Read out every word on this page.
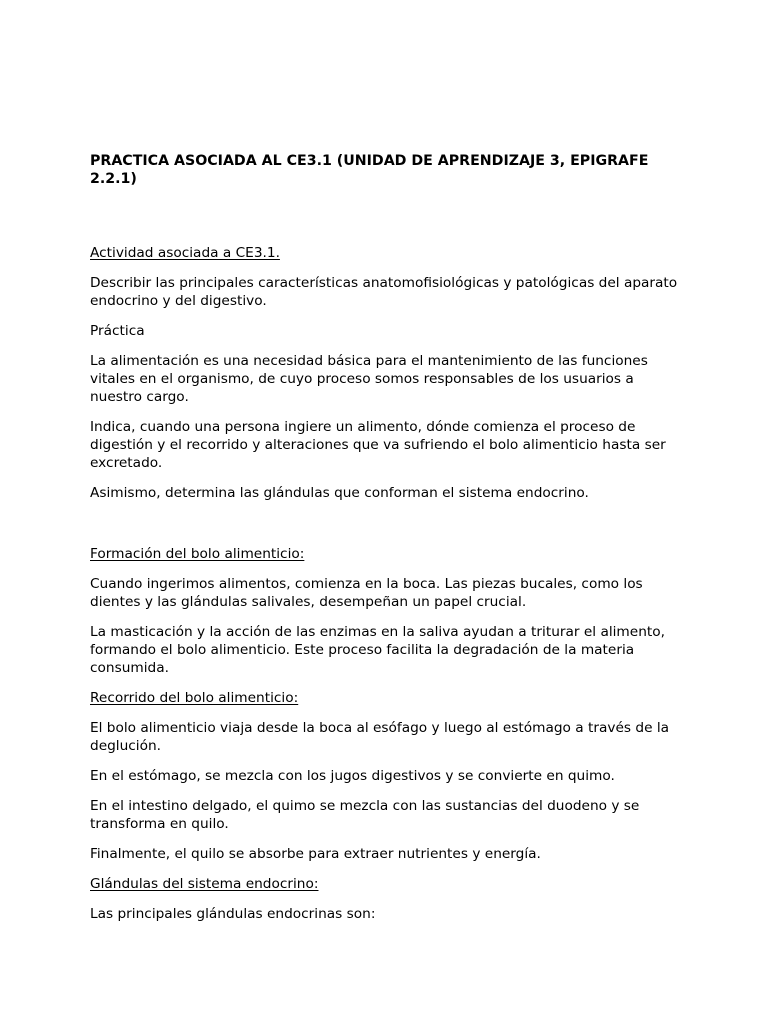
PRACTICA ASOCIADA AL CE3.1 (UNIDAD DE APRENDIZAJE 3, EPIGRAFE 2.2.1)

Actividad asociada a CE3.1.

Describir las principales características anatomofisiológicas y patológicas del aparato endocrino y del digestivo.

Práctica

La alimentación es una necesidad básica para el mantenimiento de las funciones vitales en el organismo, de cuyo proceso somos responsables de los usuarios a nuestro cargo.

Indica, cuando una persona ingiere un alimento, dónde comienza el proceso de digestión y el recorrido y alteraciones que va sufriendo el bolo alimenticio hasta ser excretado.

Asimismo, determina las glándulas que conforman el sistema endocrino.

Formación del bolo alimenticio:

Cuando ingerimos alimentos, comienza en la boca. Las piezas bucales, como los dientes y las glándulas salivales, desempeñan un papel crucial.

La masticación y la acción de las enzimas en la saliva ayudan a triturar el alimento, formando el bolo alimenticio. Este proceso facilita la degradación de la materia consumida.

Recorrido del bolo alimenticio:

El bolo alimenticio viaja desde la boca al esófago y luego al estómago a través de la deglución.

En el estómago, se mezcla con los jugos digestivos y se convierte en quimo.

En el intestino delgado, el quimo se mezcla con las sustancias del duodeno y se transforma en quilo.

Finalmente, el quilo se absorbe para extraer nutrientes y energía.

Glándulas del sistema endocrino:

Las principales glándulas endocrinas son:
